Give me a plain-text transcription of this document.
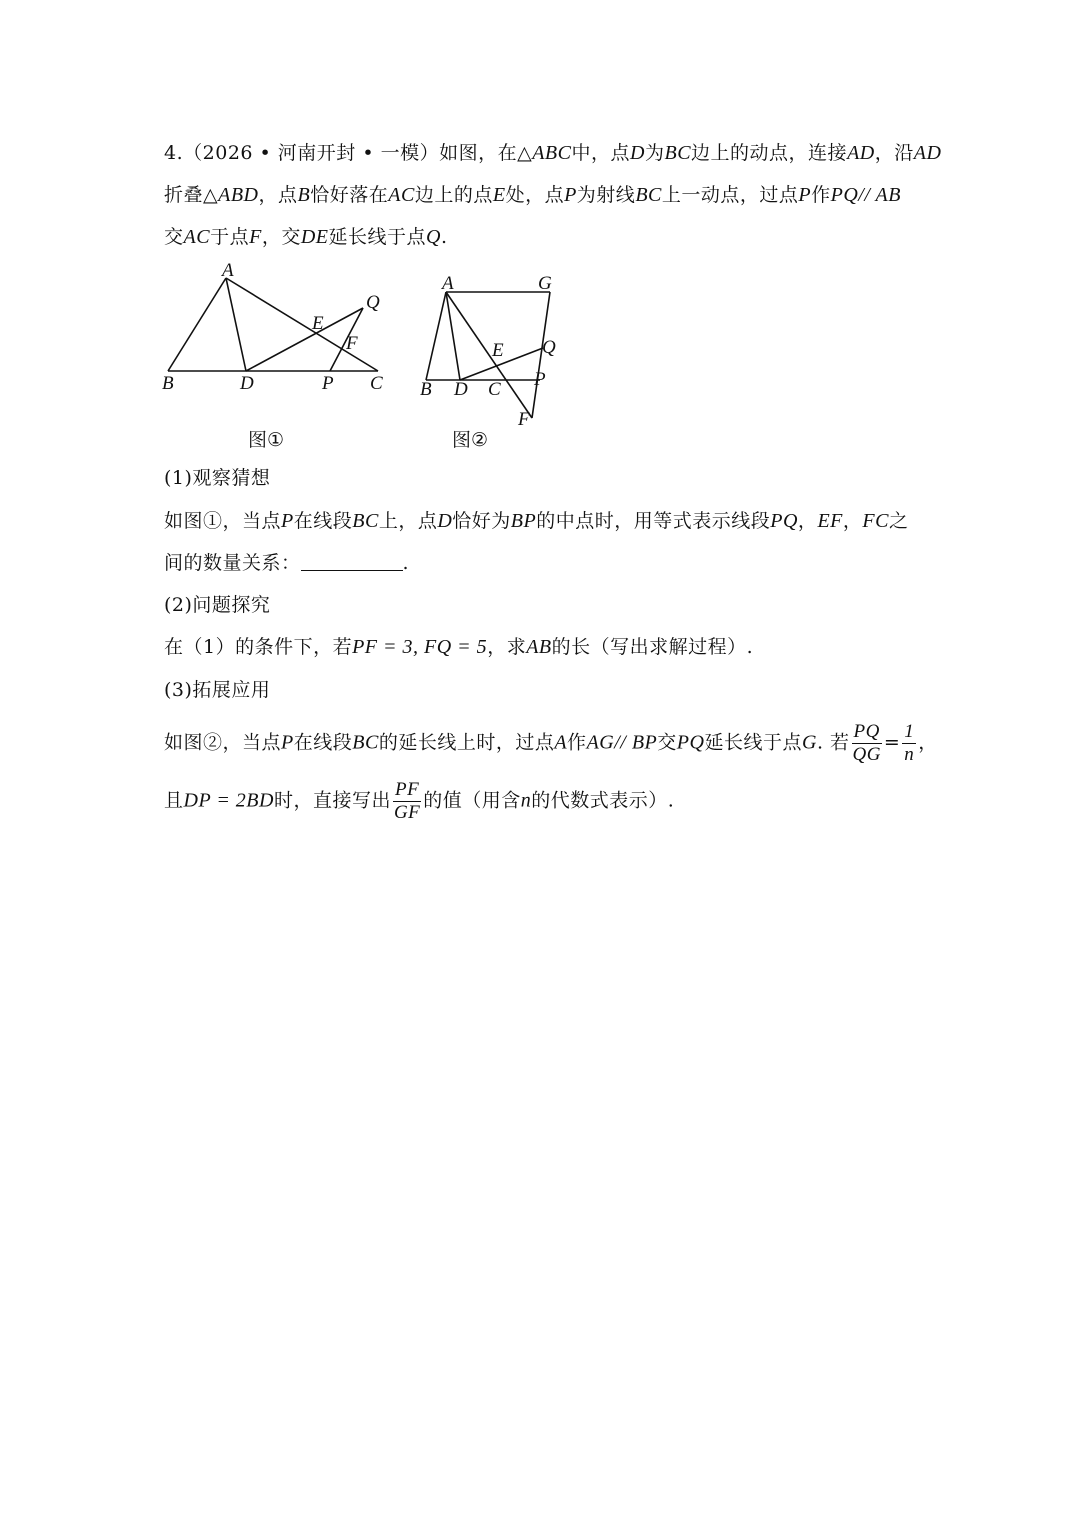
4.（2026 • 河南开封 • 一模）如图，在△ABC中，点D为BC边上的动点，连接AD，沿AD
折叠△ABD，点B恰好落在AC边上的点E处，点P为射线BC上一动点，过点P作PQ// AB
交AC于点F，交DE延长线于点Q.
A
B	D	P C
E
F
Q
图①
A	G
E Q
P
B D C
F
图②
(1)观察猜想
如图①，当点P在线段BC上，点D恰好为BP的中点时，用等式表示线段PQ，EF，FC之
间的数量关系：	.
(2)问题探究
在（1）的条件下，若PF = 3, FQ = 5，求AB的长（写出求解过程）.
(3)拓展应用
如图②，当点P在线段BC的延长线上时，过点A作AG// BP交PQ延长线于点G. 若 $\frac{PQ}{QG} = \frac{1}{n}$ ，
且DP = 2BD时，直接写出 $\frac{PF}{GF}$ 的值（用含n的代数式表示）.
